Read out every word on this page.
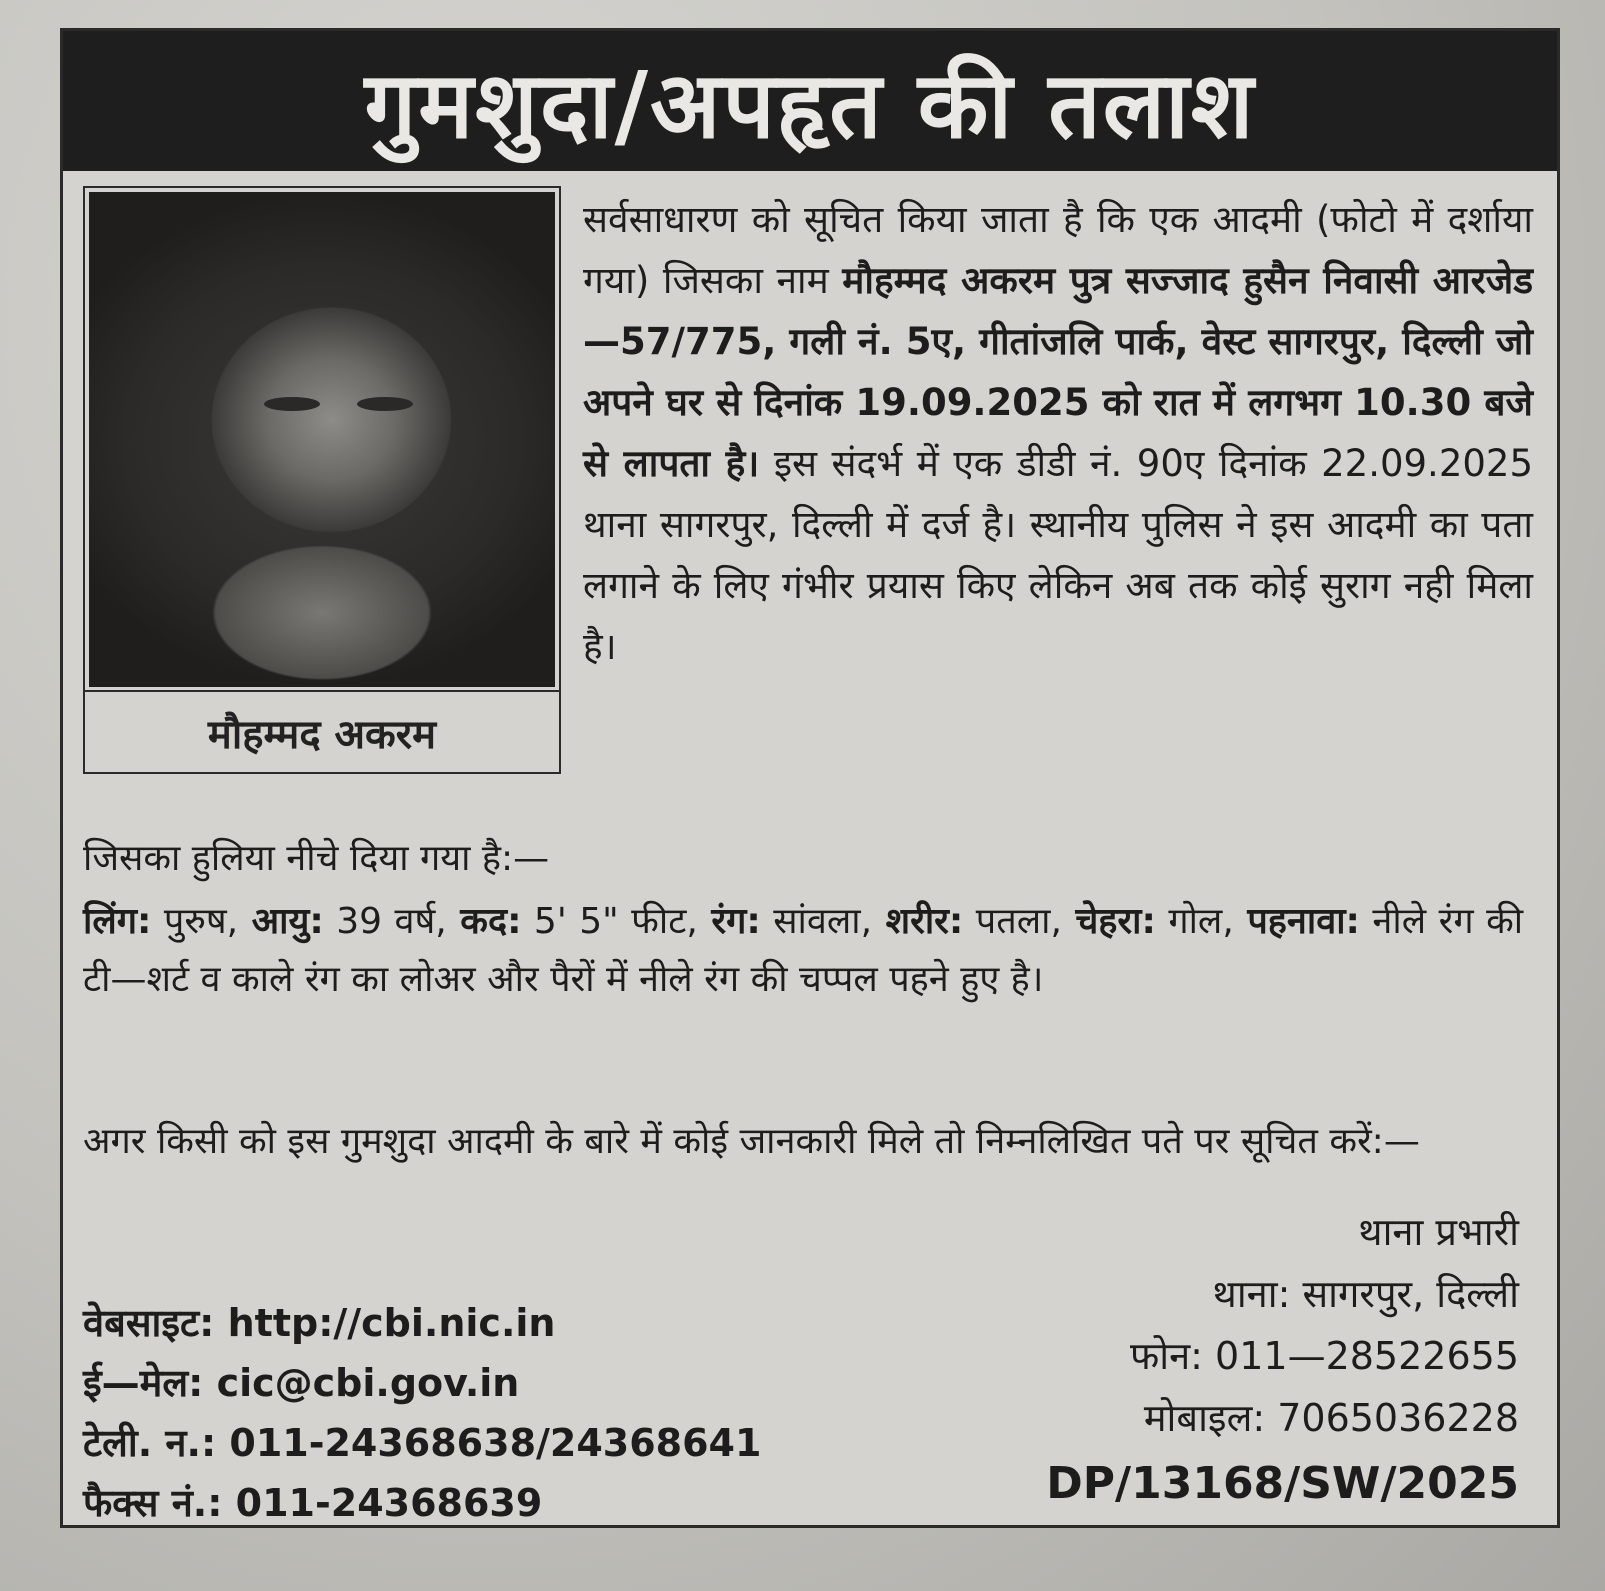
गुमशुदा/अपहृत की तलाश
मौहम्मद अकरम
सर्वसाधारण को सूचित किया जाता है कि एक आदमी (फोटो में दर्शाया गया) जिसका नाम मौहम्मद अकरम पुत्र सज्जाद हुसैन निवासी आरजेड—57/775, गली नं. 5ए, गीतांजलि पार्क, वेस्ट सागरपुर, दिल्ली जो अपने घर से दिनांक 19.09.2025 को रात में लगभग 10.30 बजे से लापता है। इस संदर्भ में एक डीडी नं. 90ए दिनांक 22.09.2025 थाना सागरपुर, दिल्ली में दर्ज है। स्थानीय पुलिस ने इस आदमी का पता लगाने के लिए गंभीर प्रयास किए लेकिन अब तक कोई सुराग नही मिला है।
जिसका हुलिया नीचे दिया गया है:—
लिंग: पुरुष, आयु: 39 वर्ष, कद: 5' 5" फीट, रंग: सांवला, शरीर: पतला, चेहरा: गोल, पहनावा: नीले रंग की टी—शर्ट व काले रंग का लोअर और पैरों में नीले रंग की चप्पल पहने हुए है।
अगर किसी को इस गुमशुदा आदमी के बारे में कोई जानकारी मिले तो निम्नलिखित पते पर सूचित करें:—
वेबसाइट: http://cbi.nic.in
ई—मेल: cic@cbi.gov.in
टेली. न.: 011-24368638/24368641
फैक्स नं.: 011-24368639
थाना प्रभारी
थाना: सागरपुर, दिल्ली
फोन: 011—28522655
मोबाइल: 7065036228
DP/13168/SW/2025
